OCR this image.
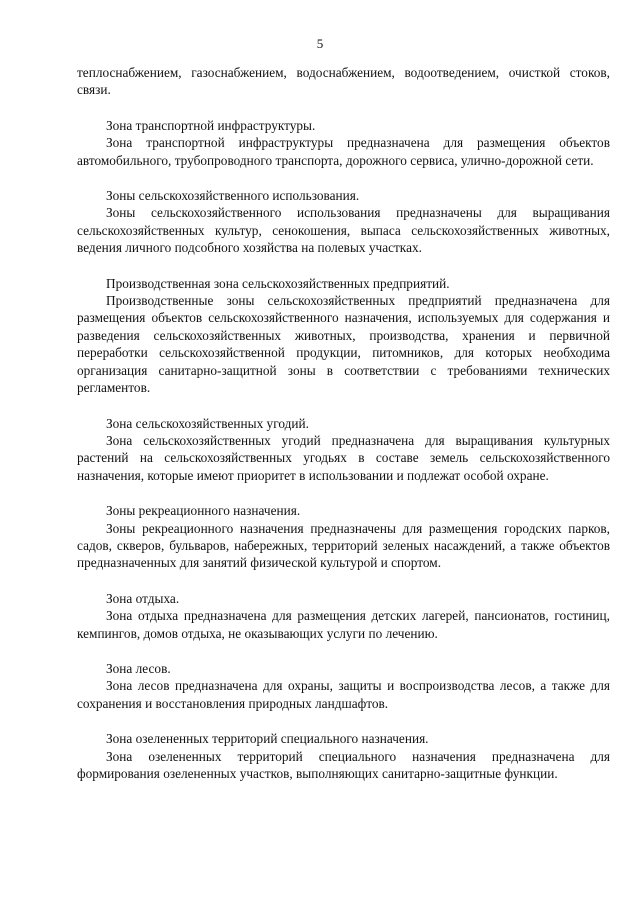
5

теплоснабжением, газоснабжением, водоснабжением, водоотведением, очисткой стоков, связи.

Зона транспортной инфраструктуры.

Зона транспортной инфраструктуры предназначена для размещения объектов автомобильного, трубопроводного транспорта, дорожного сервиса, улично-дорожной сети.

Зоны сельскохозяйственного использования.

Зоны сельскохозяйственного использования предназначены для выращивания сельскохозяйственных культур, сенокошения, выпаса сельскохозяйственных животных, ведения личного подсобного хозяйства на полевых участках.

Производственная зона сельскохозяйственных предприятий.

Производственные зоны сельскохозяйственных предприятий предназначена для размещения объектов сельскохозяйственного назначения, используемых для содержания и разведения сельскохозяйственных животных, производства, хранения и первичной переработки сельскохозяйственной продукции, питомников, для которых необходима организация санитарно-защитной зоны в соответствии с требованиями технических регламентов.

Зона сельскохозяйственных угодий.

Зона сельскохозяйственных угодий предназначена для выращивания культурных растений на сельскохозяйственных угодьях в составе земель сельскохозяйственного назначения, которые имеют приоритет в использовании и подлежат особой охране.

Зоны рекреационного назначения.

Зоны рекреационного назначения предназначены для размещения городских парков, садов, скверов, бульваров, набережных, территорий зеленых насаждений, а также объектов предназначенных для занятий физической культурой и спортом.

Зона отдыха.

Зона отдыха предназначена для размещения детских лагерей, пансионатов, гостиниц, кемпингов, домов отдыха, не оказывающих услуги по лечению.

Зона лесов.

Зона лесов предназначена для охраны, защиты и воспроизводства лесов, а также для сохранения и восстановления природных ландшафтов.

Зона озелененных территорий специального назначения.

Зона озелененных территорий специального назначения предназначена для формирования озелененных участков, выполняющих санитарно-защитные функции.
